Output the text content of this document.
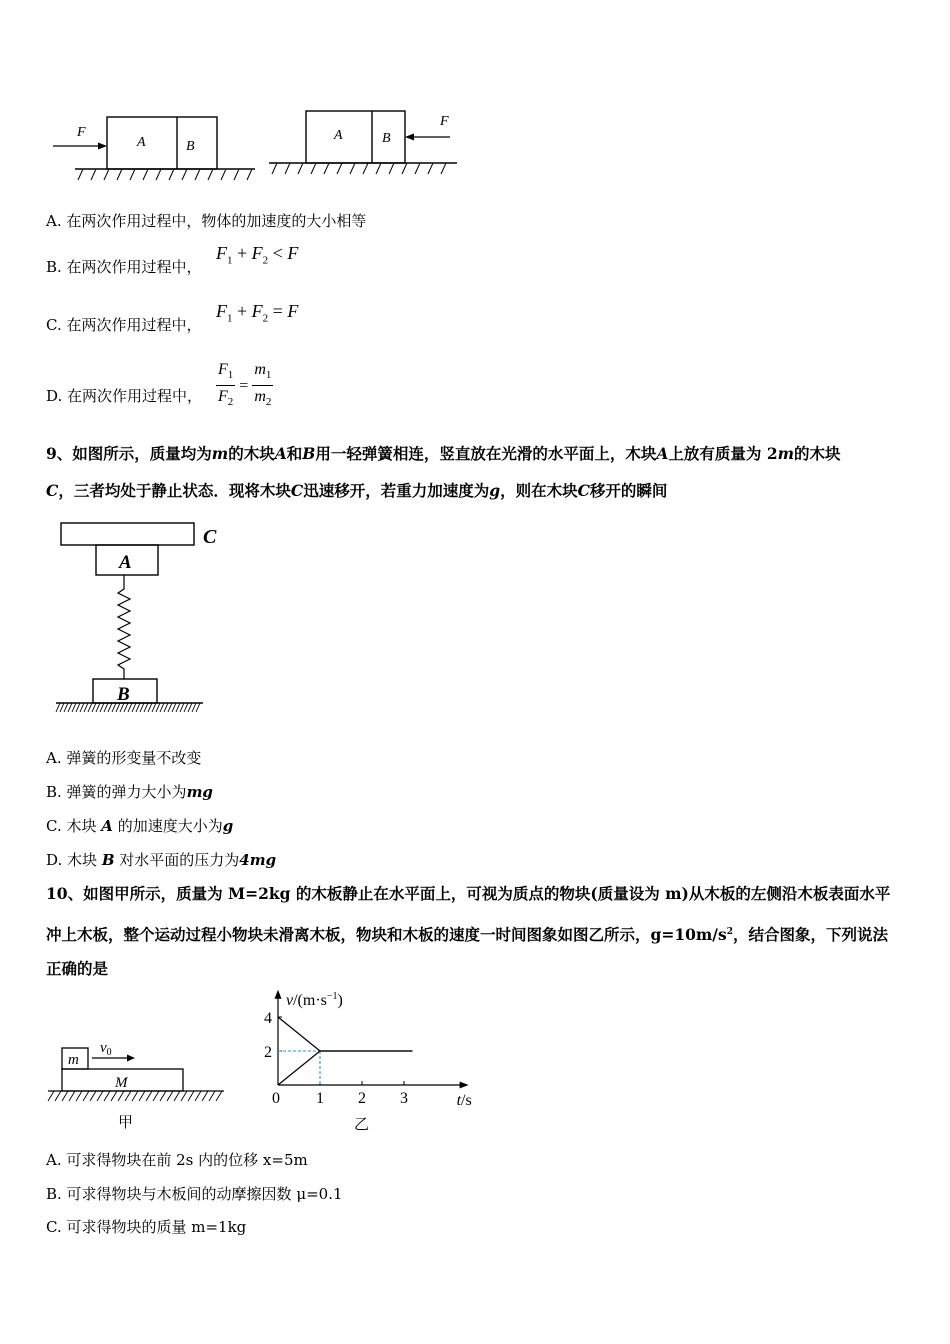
F
A	B
F
A	B
A. 在两次作用过程中，物体的加速度的大小相等
B. 在两次作用过程中，
$F_1 + F_2 < F$
C. 在两次作用过程中，
$F_1 + F_2 = F$
D. 在两次作用过程中， $\frac{F_1}{F_2} = \frac{m_1}{m_2}$
9、如图所示，质量均为m的木块A和B用一轻弹簧相连，竖直放在光滑的水平面上，木块A上放有质量为 2m的木块
C，三者均处于静止状态．现将木块C迅速移开，若重力加速度为g，则在木块C移开的瞬间
C
A
B
A. 弹簧的形变量不改变
B. 弹簧的弹力大小为mg
C. 木块 A 的加速度大小为g
D. 木块 B 对水平面的压力为4mg
10、如图甲所示，质量为 M=2kg 的木板静止在水平面上，可视为质点的物块(质量设为 m)从木板的左侧沿木板表面水平
冲上木板，整个运动过程小物块未滑离木板，物块和木板的速度一时间图象如图乙所示，$g=10m/s^2$，结合图象，下列说法
正确的是
m
M
$v_0$
甲
1 2 3
2
4
0
$v/(m\cdot s^{-1})$
t/s
乙
A. 可求得物块在前 2s 内的位移 x=5m
B. 可求得物块与木板间的动摩擦因数 μ=0.1
C. 可求得物块的质量 m=1kg
